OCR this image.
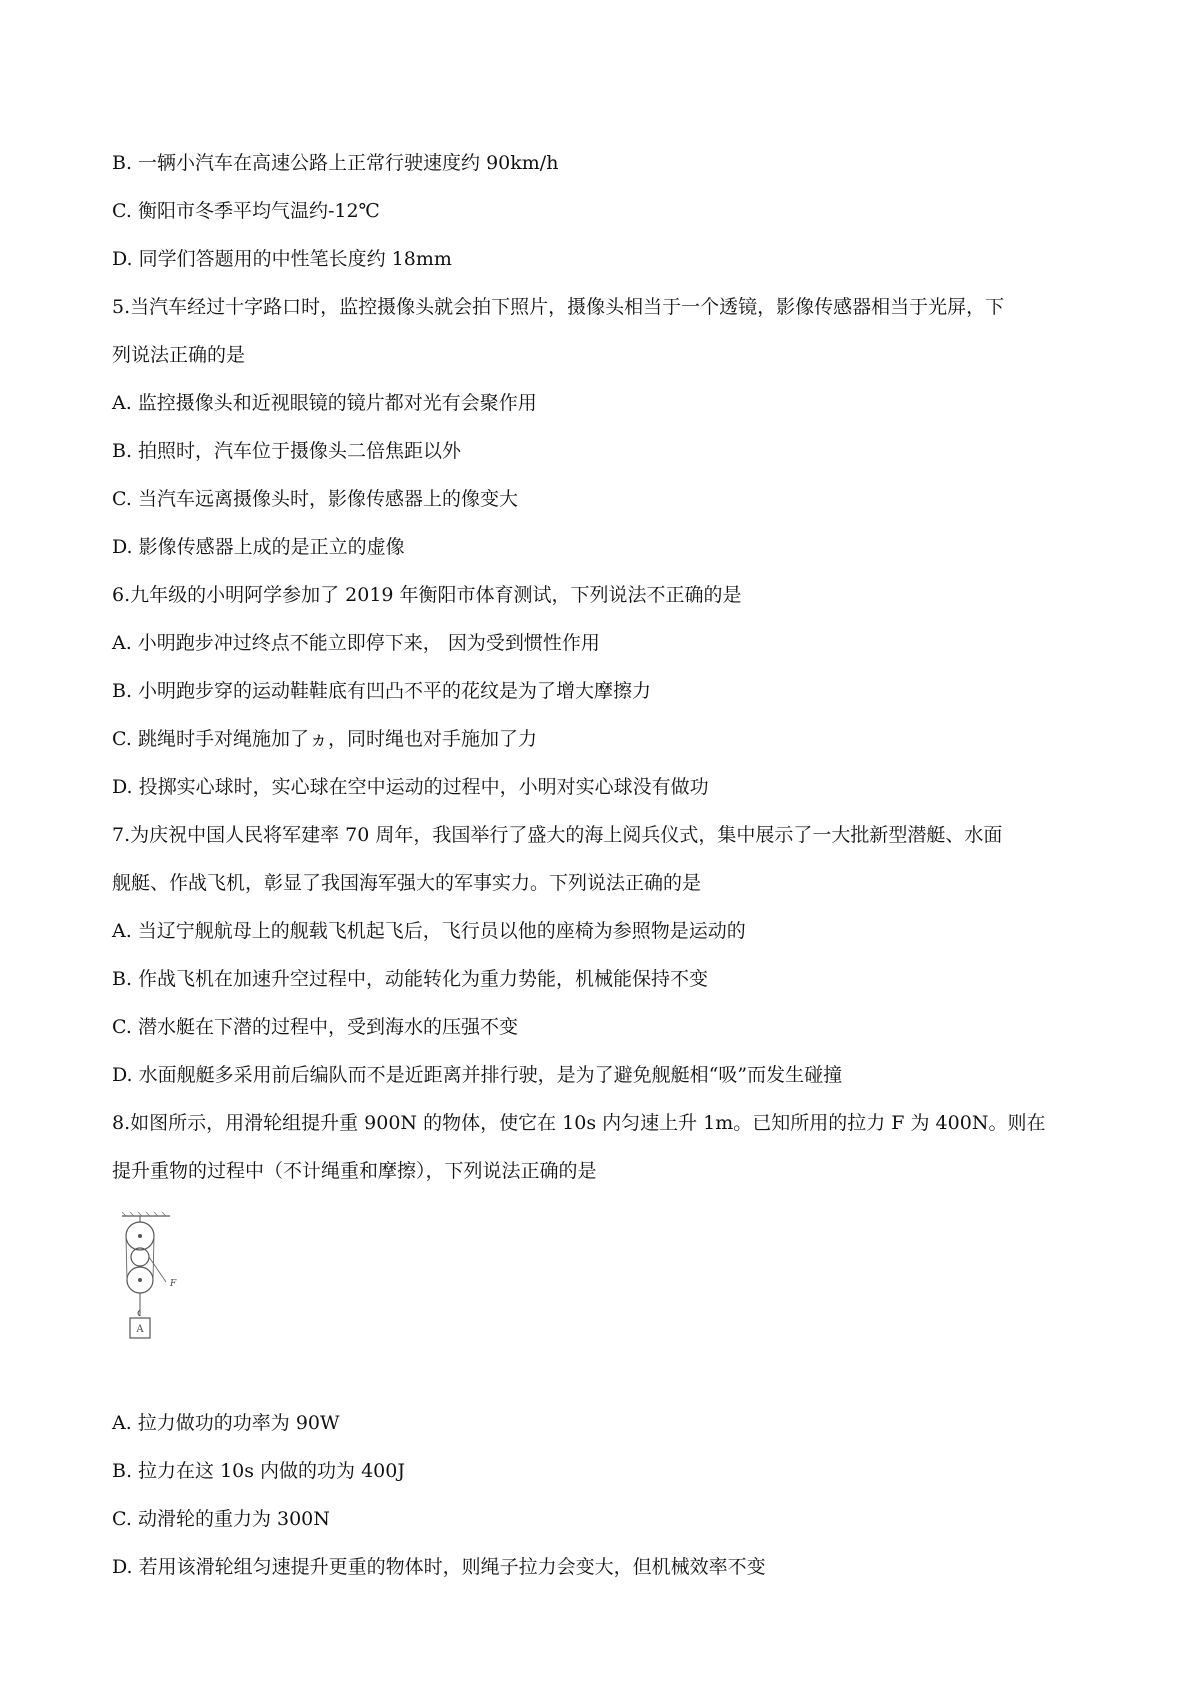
B. 一辆小汽车在高速公路上正常行驶速度约 90km/h
C. 衡阳市冬季平均气温约-12℃
D. 同学们答题用的中性笔长度约 18mm
5.当汽车经过十字路口时，监控摄像头就会拍下照片，摄像头相当于一个透镜，影像传感器相当于光屏，下
列说法正确的是
A. 监控摄像头和近视眼镜的镜片都对光有会聚作用
B. 拍照时，汽车位于摄像头二倍焦距以外
C. 当汽车远离摄像头时，影像传感器上的像变大
D. 影像传感器上成的是正立的虚像
6.九年级的小明阿学参加了 2019 年衡阳市体育测试，下列说法不正确的是
A. 小明跑步冲过终点不能立即停下来， 因为受到惯性作用
B. 小明跑步穿的运动鞋鞋底有凹凸不平的花纹是为了增大摩擦力
C. 跳绳时手对绳施加了ヵ，同时绳也对手施加了力
D. 投掷实心球时，实心球在空中运动的过程中，小明对实心球没有做功
7.为庆祝中国人民将军建率 70 周年，我国举行了盛大的海上阅兵仪式，集中展示了一大批新型潜艇、水面
舰艇、作战飞机，彰显了我国海军强大的军事实力。下列说法正确的是
A. 当辽宁舰航母上的舰载飞机起飞后，飞行员以他的座椅为参照物是运动的
B. 作战飞机在加速升空过程中，动能转化为重力势能，机械能保持不变
C. 潜水艇在下潜的过程中，受到海水的压强不变
D. 水面舰艇多采用前后编队而不是近距离并排行驶，是为了避免舰艇相“吸”而发生碰撞
8.如图所示，用滑轮组提升重 900N 的物体，使它在 10s 内匀速上升 1m。已知所用的拉力 F 为 400N。则在
提升重物的过程中（不计绳重和摩擦），下列说法正确的是
A
F
A. 拉力做功的功率为 90W
B. 拉力在这 10s 内做的功为 400J
C. 动滑轮的重力为 300N
D. 若用该滑轮组匀速提升更重的物体时，则绳子拉力会变大，但机械效率不变
